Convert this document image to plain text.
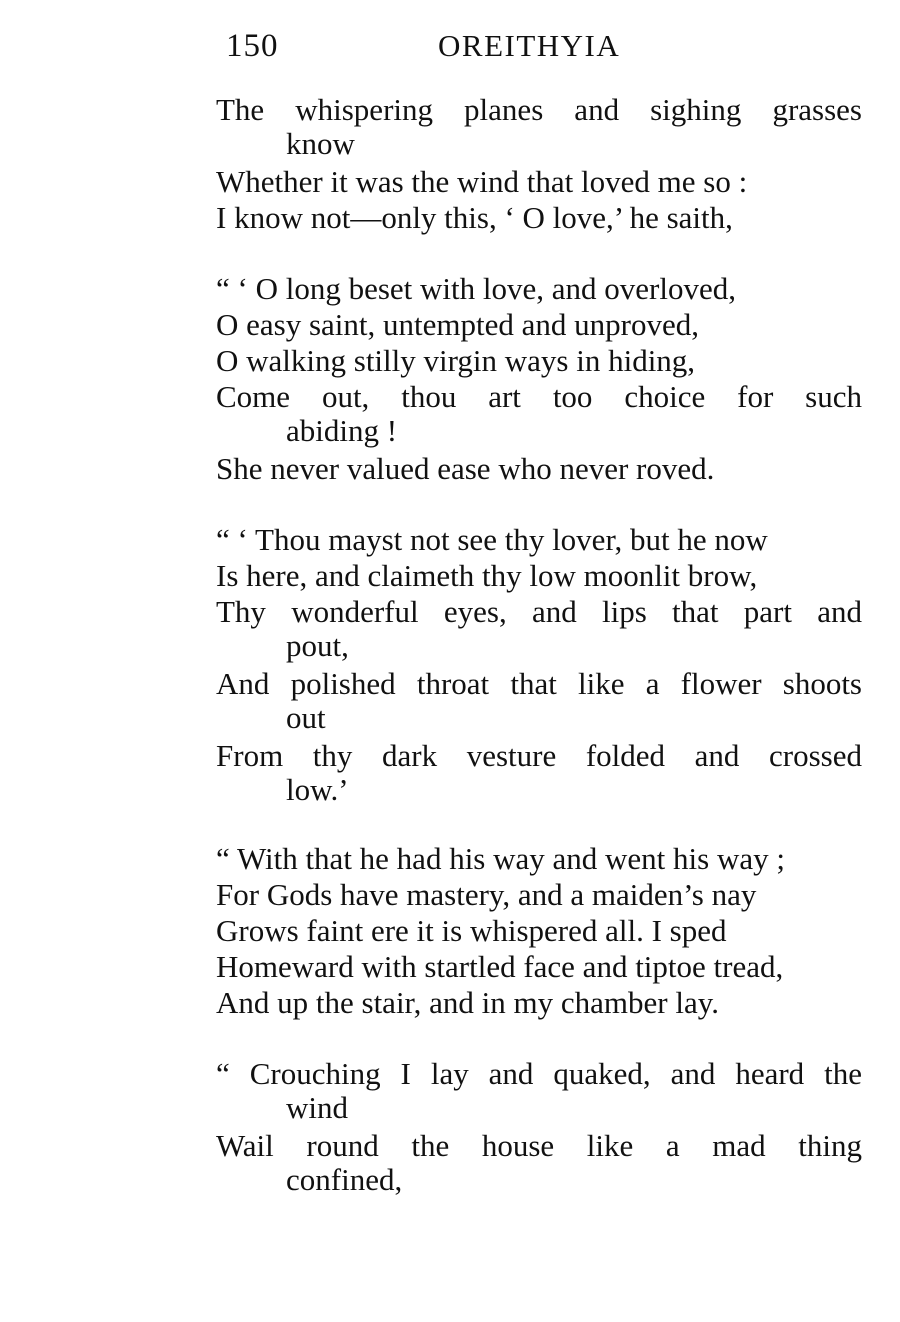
150	OREITHYIA
The whispering planes and sighing grasses
know
Whether it was the wind that loved me so :
I know not—only this, ‘ O love,’ he saith,
“ ‘ O long beset with love, and overloved,
O easy saint, untempted and unproved,
O walking stilly virgin ways in hiding,
Come out, thou art too choice for such
abiding !
She never valued ease who never roved.
“ ‘ Thou mayst not see thy lover, but he now
Is here, and claimeth thy low moonlit brow,
Thy wonderful eyes, and lips that part and
pout,
And polished throat that like a flower shoots
out
From thy dark vesture folded and crossed
low.’
“ With that he had his way and went his way ;
For Gods have mastery, and a maiden’s nay
Grows faint ere it is whispered all. I sped
Homeward with startled face and tiptoe tread,
And up the stair, and in my chamber lay.
“ Crouching I lay and quaked, and heard the
wind
Wail round the house like a mad thing
confined,
